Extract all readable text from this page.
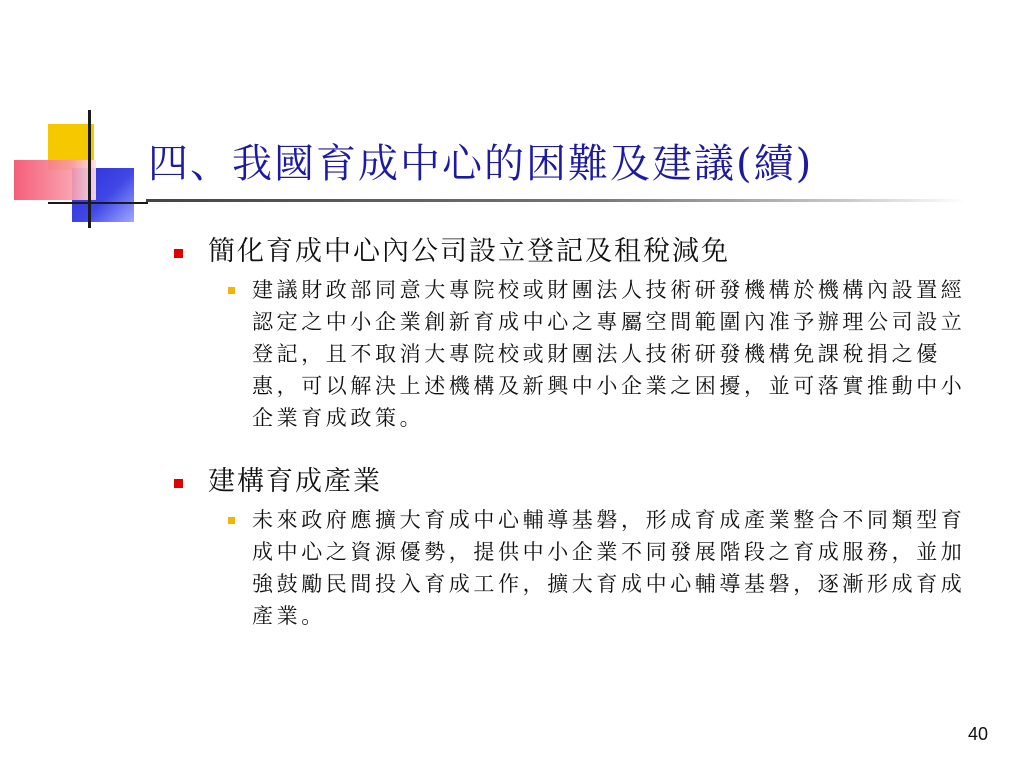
四、我國育成中心的困難及建議(續)
簡化育成中心內公司設立登記及租稅減免
建議財政部同意大專院校或財團法人技術研發機構於機構內設置經認定之中小企業創新育成中心之專屬空間範圍內准予辦理公司設立登記，且不取消大專院校或財團法人技術研發機構免課稅捐之優惠，可以解決上述機構及新興中小企業之困擾，並可落實推動中小企業育成政策。
建構育成產業
未來政府應擴大育成中心輔導基磐，形成育成產業整合不同類型育成中心之資源優勢，提供中小企業不同發展階段之育成服務，並加強鼓勵民間投入育成工作，擴大育成中心輔導基磐，逐漸形成育成產業。
40
